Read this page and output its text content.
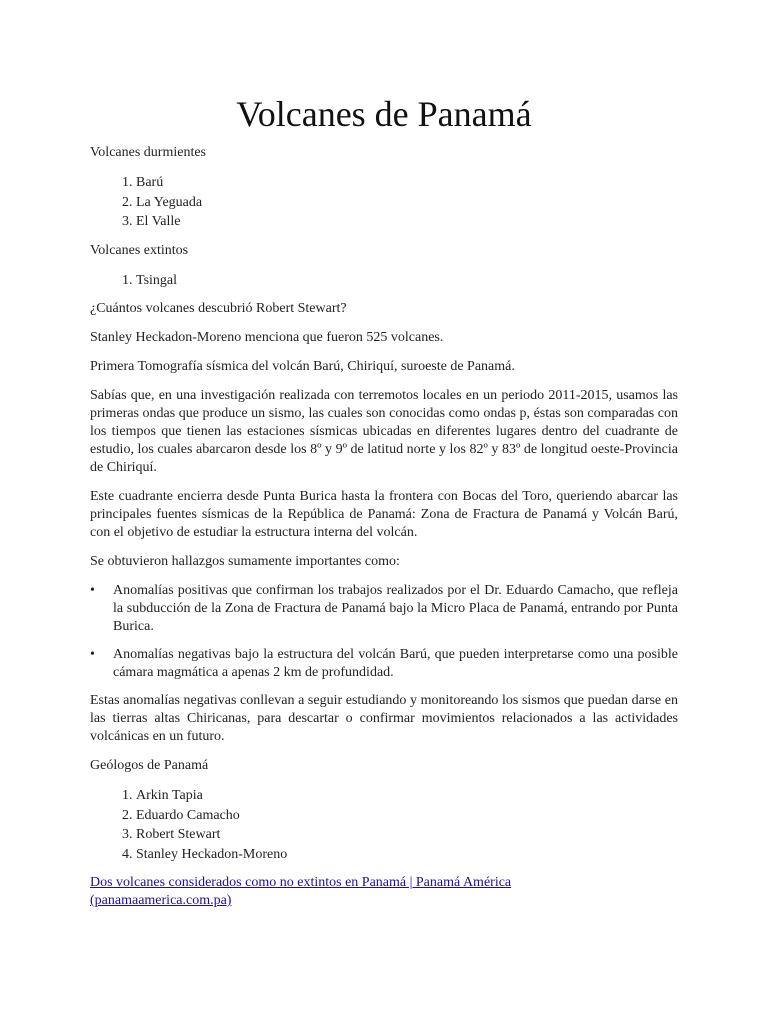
Volcanes de Panamá

Volcanes durmientes

1. Barú
2. La Yeguada
3. El Valle

Volcanes extintos

1. Tsingal

¿Cuántos volcanes descubrió Robert Stewart?

Stanley Heckadon-Moreno menciona que fueron 525 volcanes.

Primera Tomografía sísmica del volcán Barú, Chiriquí, suroeste de Panamá.

Sabías que, en una investigación realizada con terremotos locales en un periodo 2011-2015, usamos las primeras ondas que produce un sismo, las cuales son conocidas como ondas p, éstas son comparadas con los tiempos que tienen las estaciones sísmicas ubicadas en diferentes lugares dentro del cuadrante de estudio, los cuales abarcaron desde los 8º y 9º de latitud norte y los 82º y 83º de longitud oeste-Provincia de Chiriquí.

Este cuadrante encierra desde Punta Burica hasta la frontera con Bocas del Toro, queriendo abarcar las principales fuentes sísmicas de la República de Panamá: Zona de Fractura de Panamá y Volcán Barú, con el objetivo de estudiar la estructura interna del volcán.

Se obtuvieron hallazgos sumamente importantes como:

• Anomalías positivas que confirman los trabajos realizados por el Dr. Eduardo Camacho, que refleja la subducción de la Zona de Fractura de Panamá bajo la Micro Placa de Panamá, entrando por Punta Burica.
• Anomalías negativas bajo la estructura del volcán Barú, que pueden interpretarse como una posible cámara magmática a apenas 2 km de profundidad.

Estas anomalías negativas conllevan a seguir estudiando y monitoreando los sismos que puedan darse en las tierras altas Chiricanas, para descartar o confirmar movimientos relacionados a las actividades volcánicas en un futuro.

Geólogos de Panamá

1. Arkin Tapia
2. Eduardo Camacho
3. Robert Stewart
4. Stanley Heckadon-Moreno

Dos volcanes considerados como no extintos en Panamá | Panamá América
(panamaamerica.com.pa)
